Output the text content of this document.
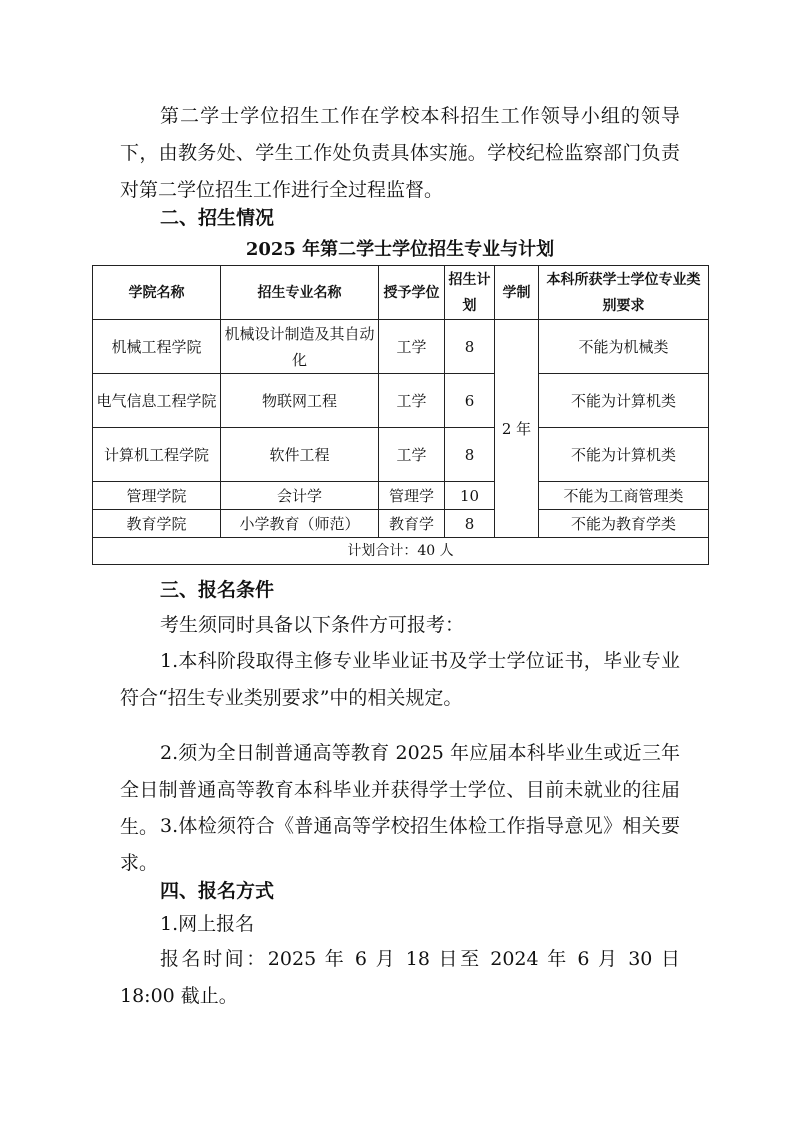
第二学士学位招生工作在学校本科招生工作领导小组的领导下，由教务处、学生工作处负责具体实施。学校纪检监察部门负责对第二学位招生工作进行全过程监督。

二、招生情况

2025 年第二学士学位招生专业与计划

学院名称	招生专业名称	授予学位	招生计划	学制	本科所获学士学位专业类别要求
机械工程学院	机械设计制造及其自动化	工学	8	2 年	不能为机械类
电气信息工程学院	物联网工程	工学	6		不能为计算机类
计算机工程学院	软件工程	工学	8		不能为计算机类
管理学院	会计学	管理学	10		不能为工商管理类
教育学院	小学教育（师范）	教育学	8		不能为教育学类
计划合计：40 人					
三、报名条件

考生须同时具备以下条件方可报考：

1.本科阶段取得主修专业毕业证书及学士学位证书，毕业专业符合“招生专业类别要求”中的相关规定。

2.须为全日制普通高等教育 2025 年应届本科毕业生或近三年全日制普通高等教育本科毕业并获得学士学位、目前未就业的往届生。 3.体检须符合《普通高等学校招生体检工作指导意见》相关要求。

四、报名方式

1.网上报名

报名时间：2025 年 6 月 18 日至 2024 年 6 月 30 日 18:00 截止。
